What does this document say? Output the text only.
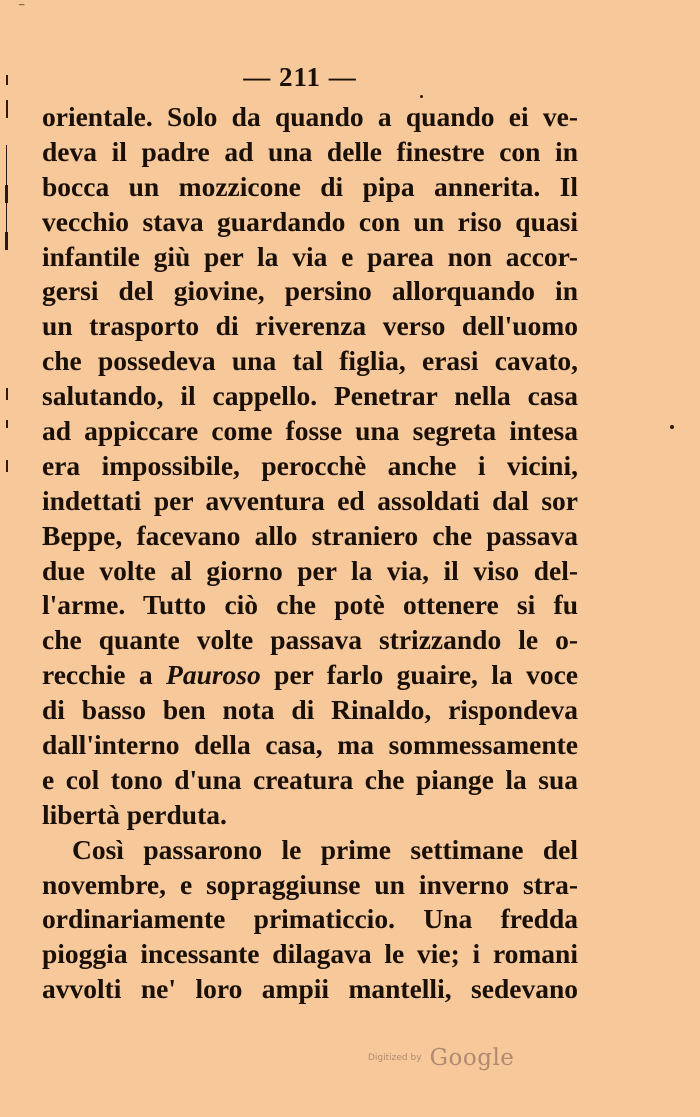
⁻
— 211 —
orientale. Solo da quando a quando ei ve-
deva il padre ad una delle finestre con in
bocca un mozzicone di pipa annerita. Il
vecchio stava guardando con un riso quasi
infantile giù per la via e parea non accor-
gersi del giovine, persino allorquando in
un trasporto di riverenza verso dell'uomo
che possedeva una tal figlia, erasi cavato,
salutando, il cappello. Penetrar nella casa
ad appiccare come fosse una segreta intesa
era impossibile, perocchè anche i vicini,
indettati per avventura ed assoldati dal sor
Beppe, facevano allo straniero che passava
due volte al giorno per la via, il viso del-
l'arme. Tutto ciò che potè ottenere si fu
che quante volte passava strizzando le o-
recchie a Pauroso per farlo guaire, la voce
di basso ben nota di Rinaldo, rispondeva
dall'interno della casa, ma sommessamente
e col tono d'una creatura che piange la sua
libertà perduta.
Così passarono le prime settimane del
novembre, e sopraggiunse un inverno stra-
ordinariamente primaticcio. Una fredda
pioggia incessante dilagava le vie; i romani
avvolti ne' loro ampii mantelli, sedevano
Digitized by Google
